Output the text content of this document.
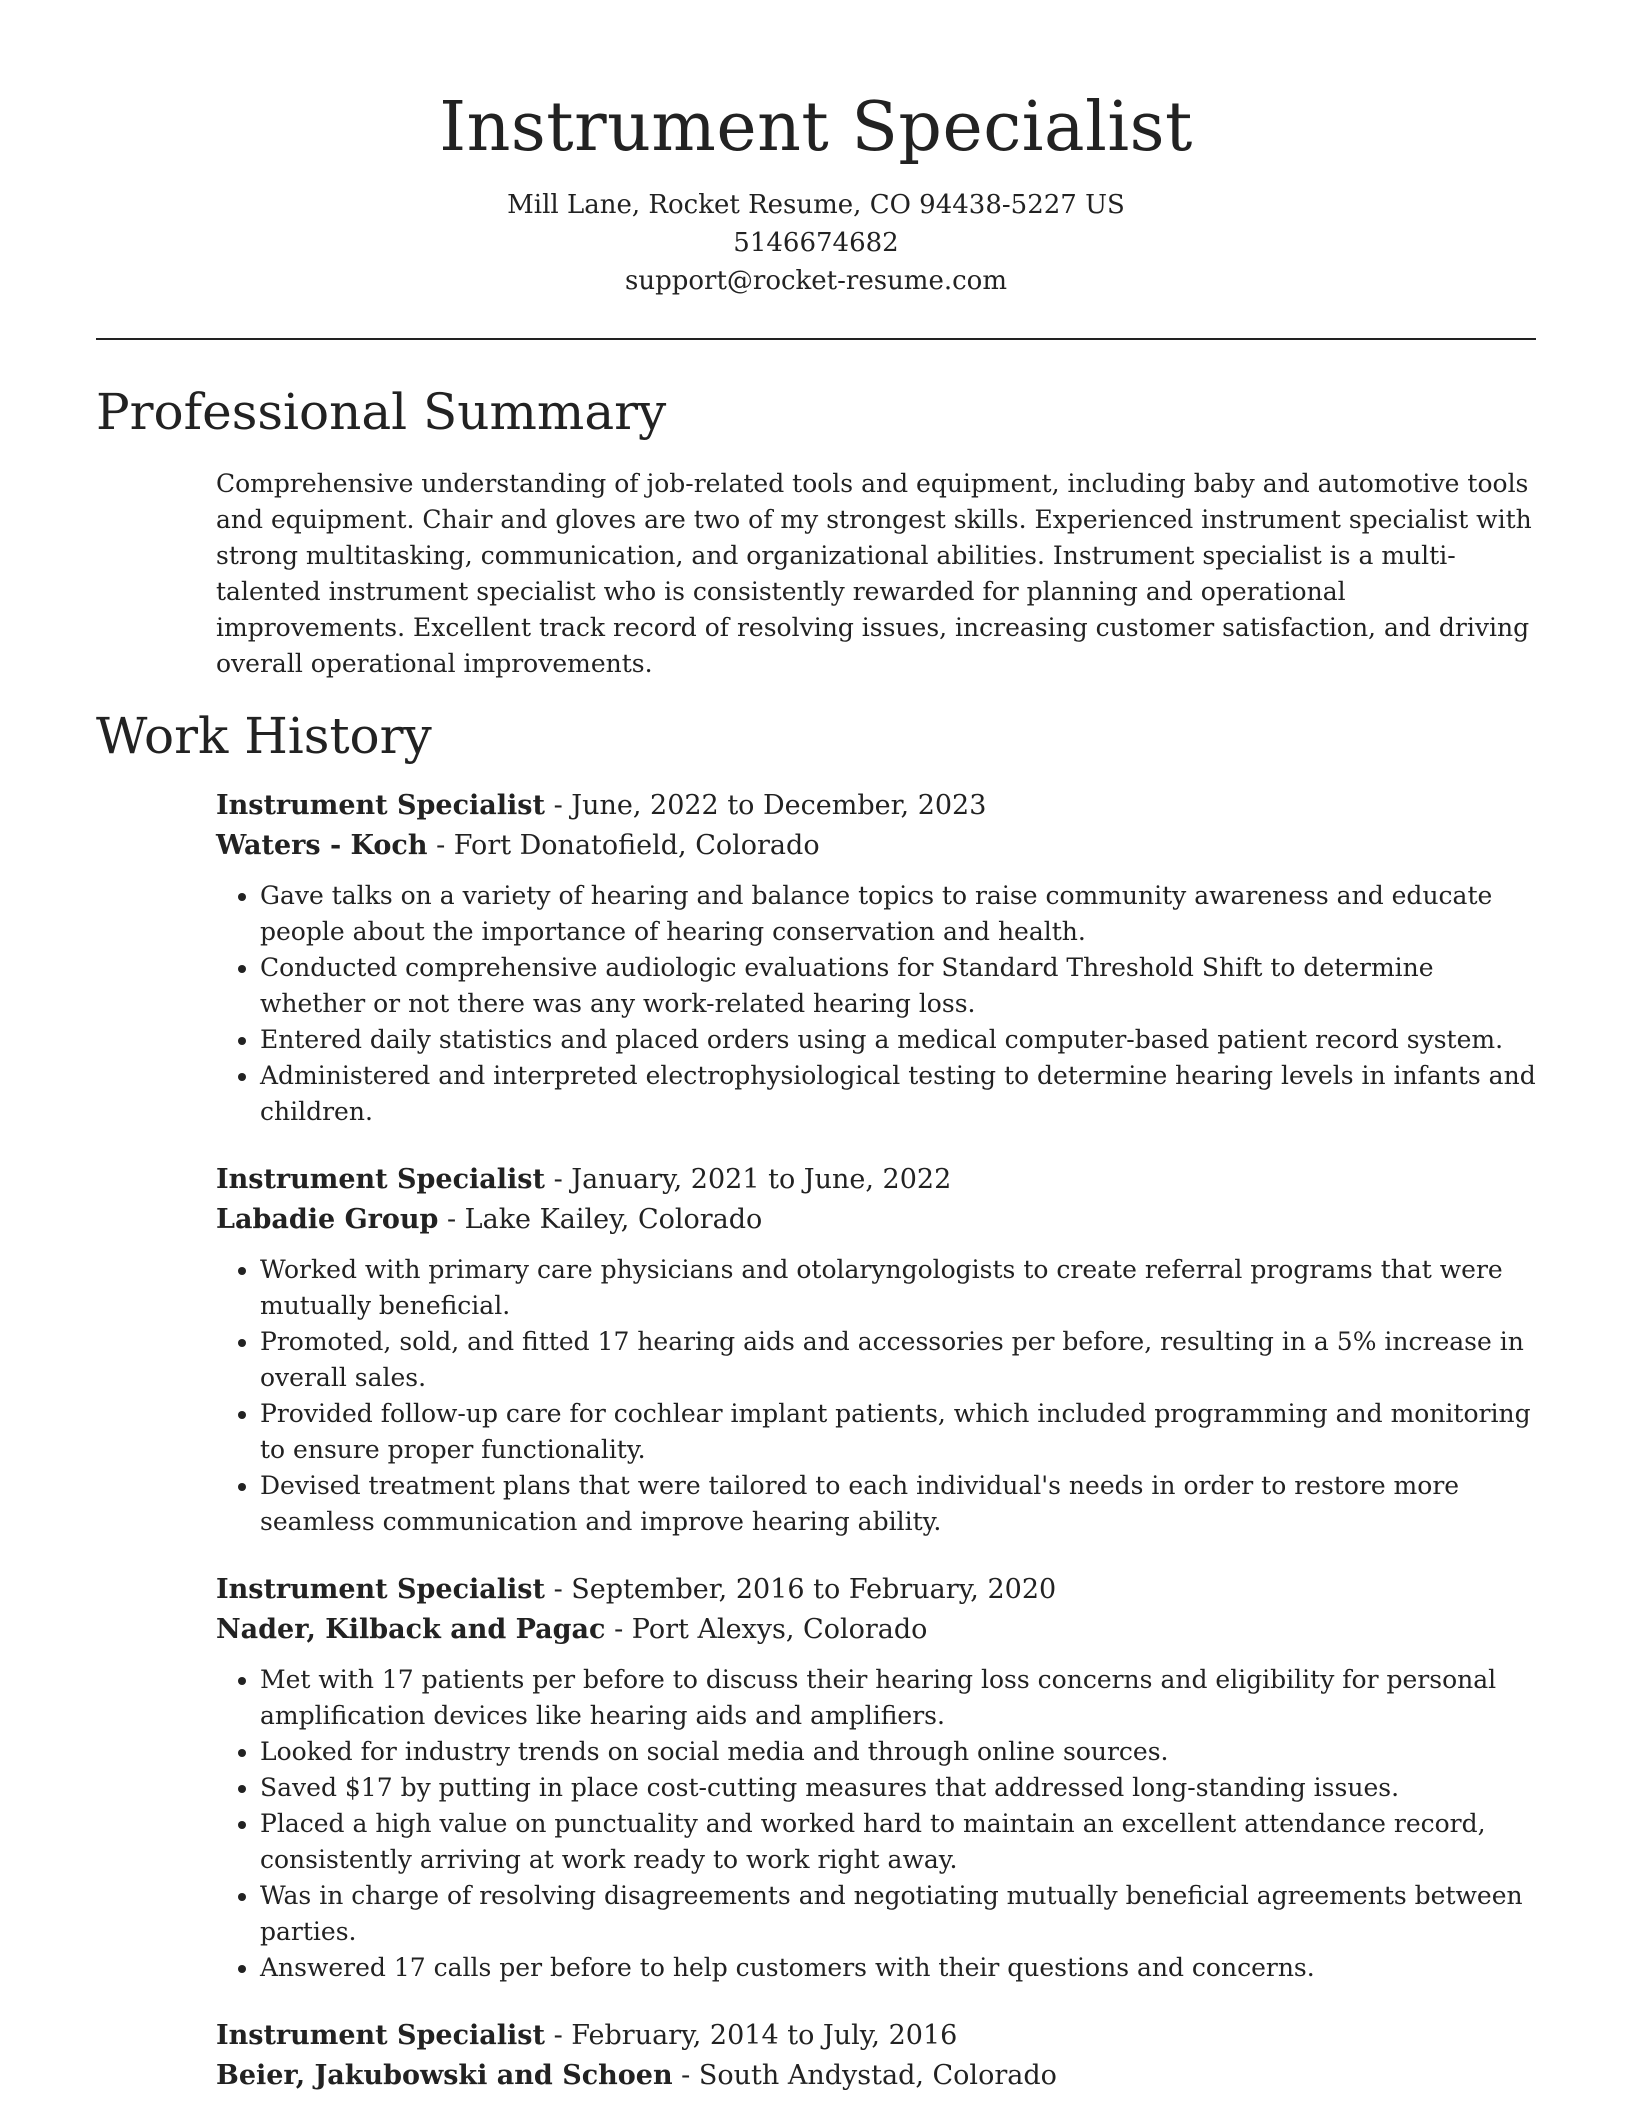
Instrument Specialist
Mill Lane, Rocket Resume, CO 94438-5227 US
5146674682
support@rocket-resume.com
Professional Summary
Comprehensive understanding of job-related tools and equipment, including baby and automotive tools and equipment. Chair and gloves are two of my strongest skills. Experienced instrument specialist with strong multitasking, communication, and organizational abilities. Instrument specialist is a multi-talented instrument specialist who is consistently rewarded for planning and operational improvements. Excellent track record of resolving issues, increasing customer satisfaction, and driving overall operational improvements.
Work History
Instrument Specialist - June, 2022 to December, 2023
Waters - Koch - Fort Donatofield, Colorado
• Gave talks on a variety of hearing and balance topics to raise community awareness and educate people about the importance of hearing conservation and health.
• Conducted comprehensive audiologic evaluations for Standard Threshold Shift to determine whether or not there was any work-related hearing loss.
• Entered daily statistics and placed orders using a medical computer-based patient record system.
• Administered and interpreted electrophysiological testing to determine hearing levels in infants and children.
Instrument Specialist - January, 2021 to June, 2022
Labadie Group - Lake Kailey, Colorado
• Worked with primary care physicians and otolaryngologists to create referral programs that were mutually beneficial.
• Promoted, sold, and fitted 17 hearing aids and accessories per before, resulting in a 5% increase in overall sales.
• Provided follow-up care for cochlear implant patients, which included programming and monitoring to ensure proper functionality.
• Devised treatment plans that were tailored to each individual's needs in order to restore more seamless communication and improve hearing ability.
Instrument Specialist - September, 2016 to February, 2020
Nader, Kilback and Pagac - Port Alexys, Colorado
• Met with 17 patients per before to discuss their hearing loss concerns and eligibility for personal amplification devices like hearing aids and amplifiers.
• Looked for industry trends on social media and through online sources.
• Saved $17 by putting in place cost-cutting measures that addressed long-standing issues.
• Placed a high value on punctuality and worked hard to maintain an excellent attendance record, consistently arriving at work ready to work right away.
• Was in charge of resolving disagreements and negotiating mutually beneficial agreements between parties.
• Answered 17 calls per before to help customers with their questions and concerns.
Instrument Specialist - February, 2014 to July, 2016
Beier, Jakubowski and Schoen - South Andystad, Colorado
